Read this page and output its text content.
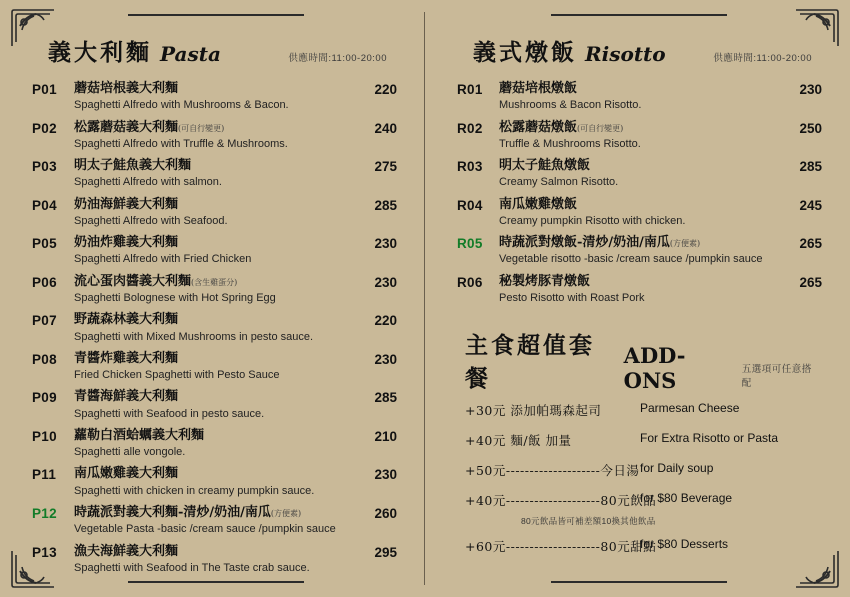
義大利麵 Pasta	供應時間:11:00-20:00
P01	蘑菇培根義大利麵
Spaghetti Alfredo with Mushrooms & Bacon.
220
P02	松露蘑菇義大利麵(可自行變更)
Spaghetti Alfredo with Truffle & Mushrooms.
240
P03	明太子鮭魚義大利麵
Spaghetti Alfredo with salmon.
275
P04	奶油海鮮義大利麵
Spaghetti Alfredo with Seafood.
285
P05	奶油炸雞義大利麵
Spaghetti Alfredo with Fried Chicken
230
P06	流心蛋肉醬義大利麵(含生雞蛋分)
Spaghetti Bolognese with Hot Spring Egg
230
P07	野蔬森林義大利麵
Spaghetti with Mixed Mushrooms in pesto sauce.
220
P08	青醬炸雞義大利麵
Fried Chicken Spaghetti with Pesto Sauce
230
P09	青醬海鮮義大利麵
Spaghetti with Seafood in pesto sauce.
285
P10	蘿勒白酒蛤蠣義大利麵
Spaghetti alle vongole.
210
P11	南瓜嫩雞義大利麵
Spaghetti with chicken in creamy pumpkin sauce.
230
P12	時蔬派對義大利麵-清炒/奶油/南瓜(方便素)
Vegetable Pasta -basic /cream sauce /pumpkin sauce
260
P13	漁夫海鮮義大利麵
Spaghetti with Seafood in The Taste crab sauce.
295
義式燉飯 Risotto	供應時間:11:00-20:00
R01	蘑菇培根燉飯
Mushrooms & Bacon Risotto.
230
R02	松露蘑菇燉飯(可自行變更)
Truffle & Mushrooms Risotto.
250
R03	明太子鮭魚燉飯
Creamy Salmon Risotto.
285
R04	南瓜嫩雞燉飯
Creamy pumpkin Risotto with chicken.
245
R05	時蔬派對燉飯-清炒/奶油/南瓜(方便素)
Vegetable risotto -basic /cream sauce /pumpkin sauce
265
R06	秘製烤豚青燉飯
Pesto Risotto with Roast Pork
265
主食超值套餐
ADD-ONS	五選項可任意搭配
+30元 添加帕瑪森起司	Parmesan Cheese
+40元 麵/飯 加量	For Extra Risotto or Pasta
+50元--------------------今日湯 for Daily soup
+40元--------------------80元飲品
for $80 Beverage
80元飲品皆可補差額10換其他飲品
+60元--------------------80元甜點
for $80 Desserts
